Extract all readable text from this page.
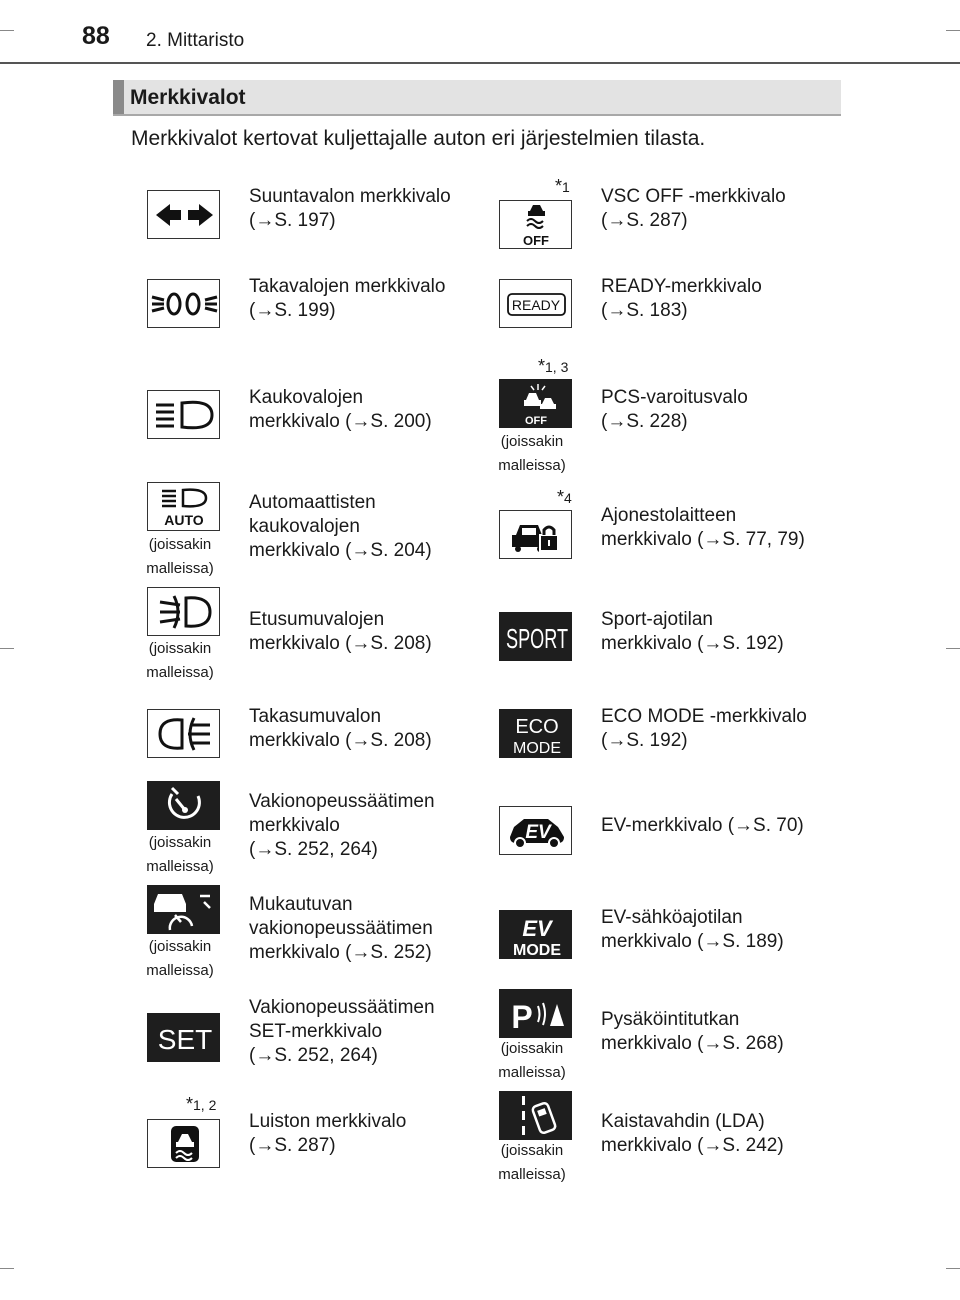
88 2. Mittaristo
Merkkivalot
Merkkivalot kertovat kuljettajalle auton eri järjestelmien tilasta.
Suuntavalon merkkivalo
(→S. 197)
Takavalojen merkkivalo
(→S. 199)
Kaukovalojen
merkkivalo (→S. 200)
AUTO
(joissakin
malleissa)
Automaattisten
kaukovalojen
merkkivalo (→S. 204)
(joissakin
malleissa)
Etusumuvalojen
merkkivalo (→S. 208)
Takasumuvalon
merkkivalo (→S. 208)
(joissakin
malleissa)
Vakionopeussäätimen
merkkivalo
(→S. 252, 264)
(joissakin
malleissa)
Mukautuvan
vakionopeussäätimen
merkkivalo (→S. 252)
SET
Vakionopeussäätimen
SET-merkkivalo
(→S. 252, 264)
*1, 2
Luiston merkkivalo
(→S. 287)
*1
OFF
VSC OFF -merkkivalo
(→S. 287)
READY
READY-merkkivalo
(→S. 183)
*1, 3
OFF
(joissakin
malleissa)
PCS-varoitusvalo
(→S. 228)
*4
Ajonestolaitteen
merkkivalo (→S. 77, 79)
SPORT
Sport-ajotilan
merkkivalo (→S. 192)
ECO
MODE
ECO MODE -merkkivalo
(→S. 192)
EV	EV-merkkivalo (→S. 70)
EV
MODE
EV-sähköajotilan
merkkivalo (→S. 189)
P
(joissakin
malleissa)
Pysäköintitutkan
merkkivalo (→S. 268)
(joissakin
malleissa)
Kaistavahdin (LDA)
merkkivalo (→S. 242)
